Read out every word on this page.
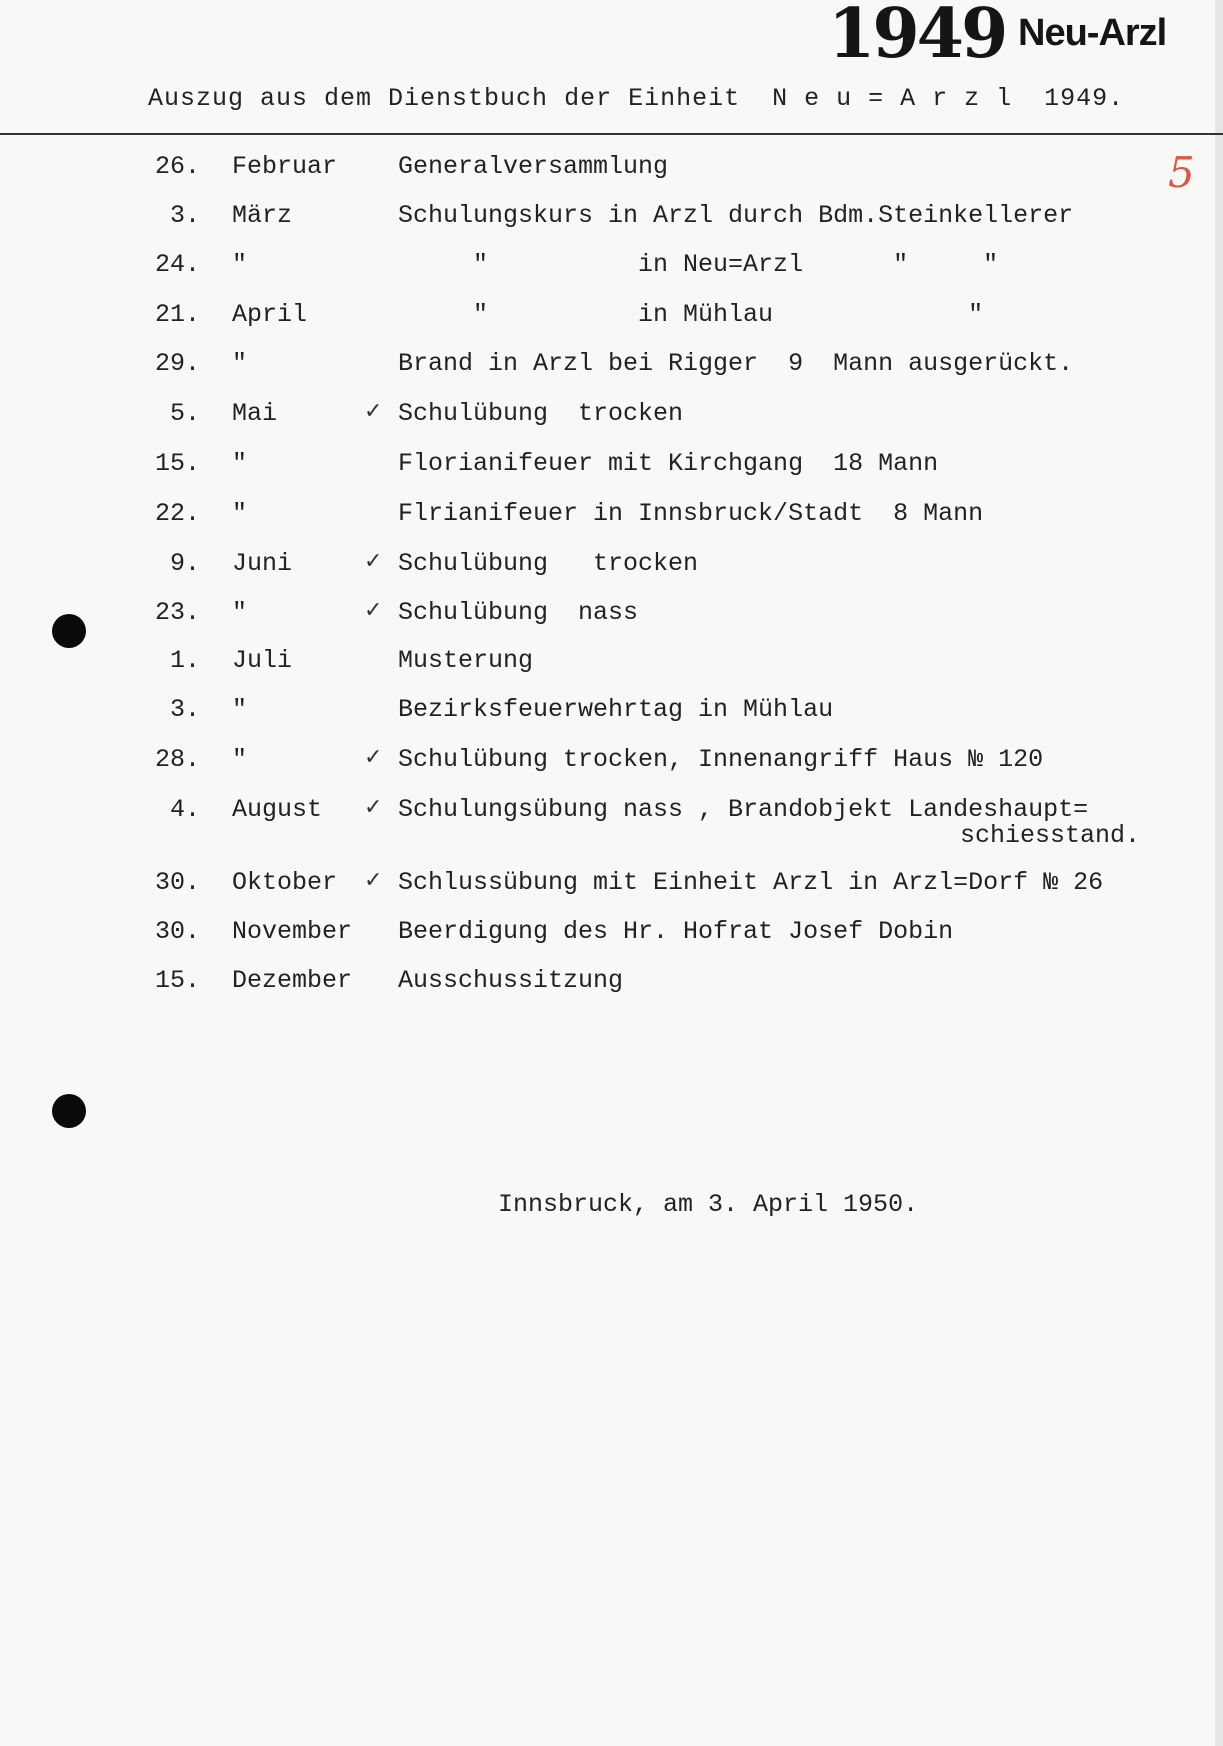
1949 Neu-Arzl
Auszug aus dem Dienstbuch der Einheit  N e u = A r z l  1949.
5
26. Februar Generalversammlung
3. März	Schulungskurs in Arzl durch Bdm.Steinkellerer
24. "	"          in Neu=Arzl      "     "
21. April	"          in Mühlau             "
29. "	Brand in Arzl bei Rigger  9  Mann ausgerückt.
5. Mai	✓ Schulübung  trocken
15. "	Florianifeuer mit Kirchgang  18 Mann
22. "	Flrianifeuer in Innsbruck/Stadt  8 Mann
9. Juni	✓ Schulübung   trocken
23. "	✓ Schulübung  nass
1. Juli	Musterung
3. "	Bezirksfeuerwehrtag in Mühlau
28. "	✓ Schulübung trocken, Innenangriff Haus № 120
4. August ✓ Schulungsübung nass , Brandobjekt Landeshaupt=
schiesstand.
30. Oktober ✓ Schlussübung mit Einheit Arzl in Arzl=Dorf № 26
30. November Beerdigung des Hr. Hofrat Josef Dobin
15. Dezember Ausschussitzung
Innsbruck, am 3. April 1950.
